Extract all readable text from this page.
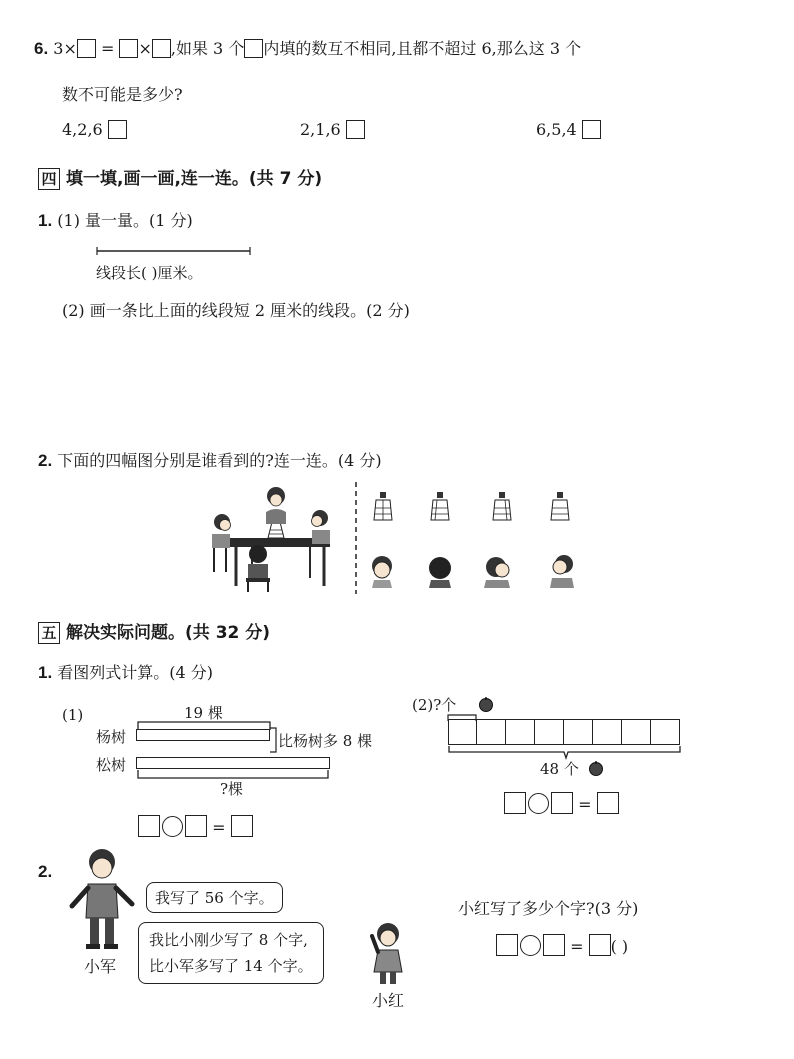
6. 3× = × ,如果 3 个 内填的数互不相同,且都不超过 6,那么这 3 个
数不可能是多少?
4,2,6	2,1,6	6,5,4
四 填一填,画一画,连一连。(共 7 分)
1. (1) 量一量。(1 分)
线段长( )厘米。
(2) 画一条比上面的线段短 2 厘米的线段。(2 分)
2. 下面的四幅图分别是谁看到的?连一连。(4 分)
五 解决实际问题。(共 32 分)
1. 看图列式计算。(4 分)
(1)	19 棵
杨树	比杨树多 8 棵
松树
?棵
=
(2)?个
48 个
=
2.
小军
我写了 56 个字。
我比小刚少写了 8 个字,
比小军多写了 14 个字。
小红
小红写了多少个字?(3 分)
= ( )
